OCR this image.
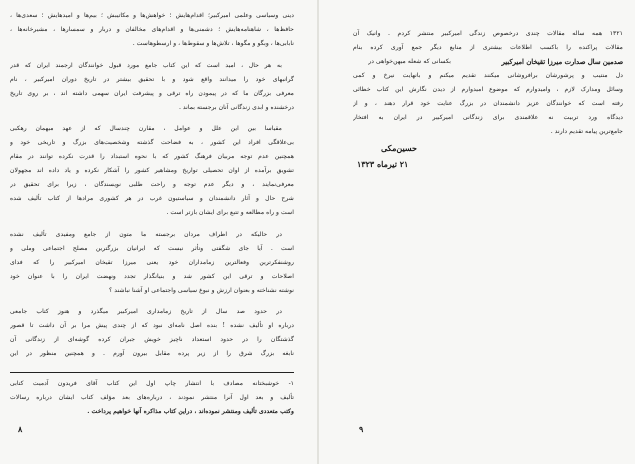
دینی وسیاسی وعلمی امیرکبیر؛ اقدام‌هایش ؛ خواهش‌ها و مکاتیبش ؛ بیم‌ها و امیدهایش ؛ سعدی‌ها ،
حافظ‌ها ، شاهنامه‌هایش ؛ دشمنی‌ها و اقدام‌های مخالفان و دربار و سمسارها ، مشیرخانه‌ها ،
نابابی‌ها ، وبگو و مگوها ، تلاش‌ها و سقوط‌ها ، و ارسطوهاست .
به هر حال ، امید است که این کتاب جامع مورد قبول خوانندگان ارجمند ایران که قدر
گرانبهای خود را میدانند واقع شود و با تحقیق بیشتر در تاریخ دوران امیرکبیر ، نام
معرفی بزرگان ما که در پیمودن راه ترقی و پیشرفت ایران سهمی داشته اند ، بر روی تاریخ
درخشنده و ابدی زندگانی آنان برجسته بماند .
مقیاسا بین این علل و عوامل ، مقارن چندسال که از عهد میهمان رهکبی
بی‌علاقگی افراد این کشور ، به فضاحت گذشته وشخصیت‌های بزرگ و تاریخی خود و
همچنین عدم توجه مربیان فرهنگ کشور که با نحوه استبداد را قدرت نکرده توانند در مقام
تشویق برآمده از اوان تحصیلی تواریخ ومشاهیر کشور را آشکار نکرده و یاد داده اند مجهولان
معرفی‌نمایند ، و دیگر عدم توجه و راحت طلبی نویسندگان ، زیرا برای تحقیق در
شرح حال و آثار دانشمندان و سیاستیون غرب در هر کشوری مرادها از کتاب تألیف شده
است و راه مطالعه و تتبع برای ایشان بازتر است .
در حالیکه در اطراف مردان برجسته ما متون از جامع ومفیدی تألیف نشده
است . آیا جای شگفتی وتأثر نیست که ایرانیان بزرگترین مصلح اجتماعی وملی و
روشنفکرترین وفعالترین زمامداران خود یعنی میرزا تقیخان امیرکبیر را که فدای
اصلاحات و ترقی این کشور شد و بنیانگذار تجدد ونهضت ایران را با عنوان خود
نوشته نشناخته و بعنوان ارزش و نبوغ سیاسی واجتماعی او آشنا نباشند ؟
در حدود صد سال از تاریخ زمامداری امیرکبیر میگذرد و هنوز کتاب جامعی
درباره او تألیف نشده ! بنده اصل نامه‌ای نبود که از چندی پیش مرا بر آن داشت تا قصور
گذشتگان را در حدود استعداد ناچیز خویش جبران کرده گوشه‌ای از زندگانی آن
نابغه بزرگ شرق را از زیر پرده مقابل بیرون آورم . و همچنین منظور در این
۱- خوشبختانه مصادف با انتشار چاپ اول این کتاب آقای فریدون آدمیت کتابی
تألیف و بعد اول آنرا منتشر نمودند ، درباره‌های بعد مؤلف کتاب ایشان درباره رسالات
وکتب متعددی تألیف ومنتشر نموده‌اند ، دراین کتاب مذاکره آنها خواهیم پرداخت .
۸
۱۳۲۱ همه ساله مقالات چندی درخصوص زندگی امیرکبیر منتشر کردم . وانیک آن
مقالات پراکنده را باکسب اطلاعات بیشتری از منابع دیگر جمع آوری کرده بنام
صدمین سال صدارت میرزا تقیخان امیرکبیر
بکسانی که شعله میهن‌خواهی در
دل منتیب و پرشورشان برافروشانی میکنند تقدیم میکنم و بانهایت نیرخ و کمی
وسائل ومدارک لازم ، وامیدوارم که موضوع امیدوارم از دیدن نگارش این کتاب خطائی
رفته است که خوانندگان عزیز دانشمندان در بزرگ عنایت خود قرار دهند ، و از
دیدگاه ورد تربیت نه علاقمندی برای زندگانی امیرکبیر در ایران به افتخار
جامع‌ترین پیامه تقدیم دارند .
حسین‌مکی
۲۱ تیرماه ۱۳۲۳
۹
